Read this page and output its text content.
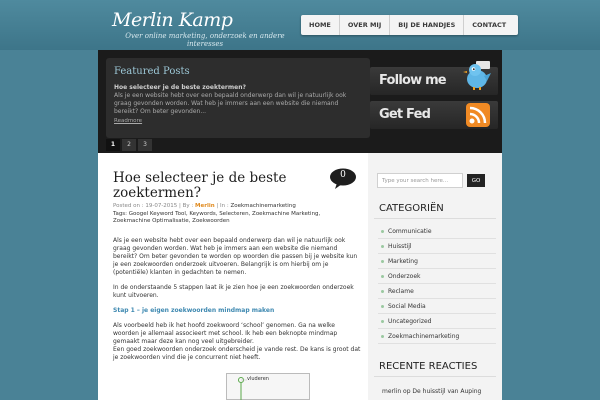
Merlin Kamp
Over online marketing, onderzoek en andere interesses
HOME	OVER MIJ	BIJ DE HANDJES	CONTACT
Featured Posts
Hoe selecteer je de beste zoektermen?
Als je een website hebt over een bepaald onderwerp dan wil je natuurlijk ook graag gevonden worden. Wat heb je immers aan een website die niemand bereikt? Om beter gevonden...
Readmore
1	2	3
Follow me
Get Fed
Hoe selecteer je de beste zoektermen?
0
Posted on : 19-07-2015 | By : Merlin | In : Zoekmachinemarketing
Tags: Googel Keyword Tool, Keywords, Selecteren, Zoekmachine Marketing, Zoekmachine Optimalisatie, Zoekwoorden

Als je een website hebt over een bepaald onderwerp dan wil je natuurlijk ook graag gevonden worden. Wat heb je immers aan een website die niemand bereikt? Om beter gevonden te worden op woorden die passen bij je website kun je een zoekwoorden onderzoek uitvoeren. Belangrijk is om hierbij om je (potentiële) klanten in gedachten te nemen.

In de onderstaande 5 stappen laat ik je zien hoe je een zoekwoorden onderzoek kunt uitvoeren.

Stap 1 – je eigen zoekwoorden mindmap maken

Als voorbeeld heb ik het hoofd zoekwoord ‘school’ genomen. Ga na welke woorden je allemaal associeert met school. Ik heb een beknopte mindmap gemaakt maar deze kan nog veel uitgebreider.

Een goed zoekwoorden onderzoek onderscheid je vande rest. De kans is groot dat je zoekwoorden vind die je concurrent niet heeft.

vluderen
Type your search here...
GO
CATEGORIËN
Communicatie
Huisstijl
Marketing
Onderzoek
Reclame
Social Media
Uncategorized
Zoekmachinemarketing
RECENTE REACTIES
merlin op De huisstijl van Auping
